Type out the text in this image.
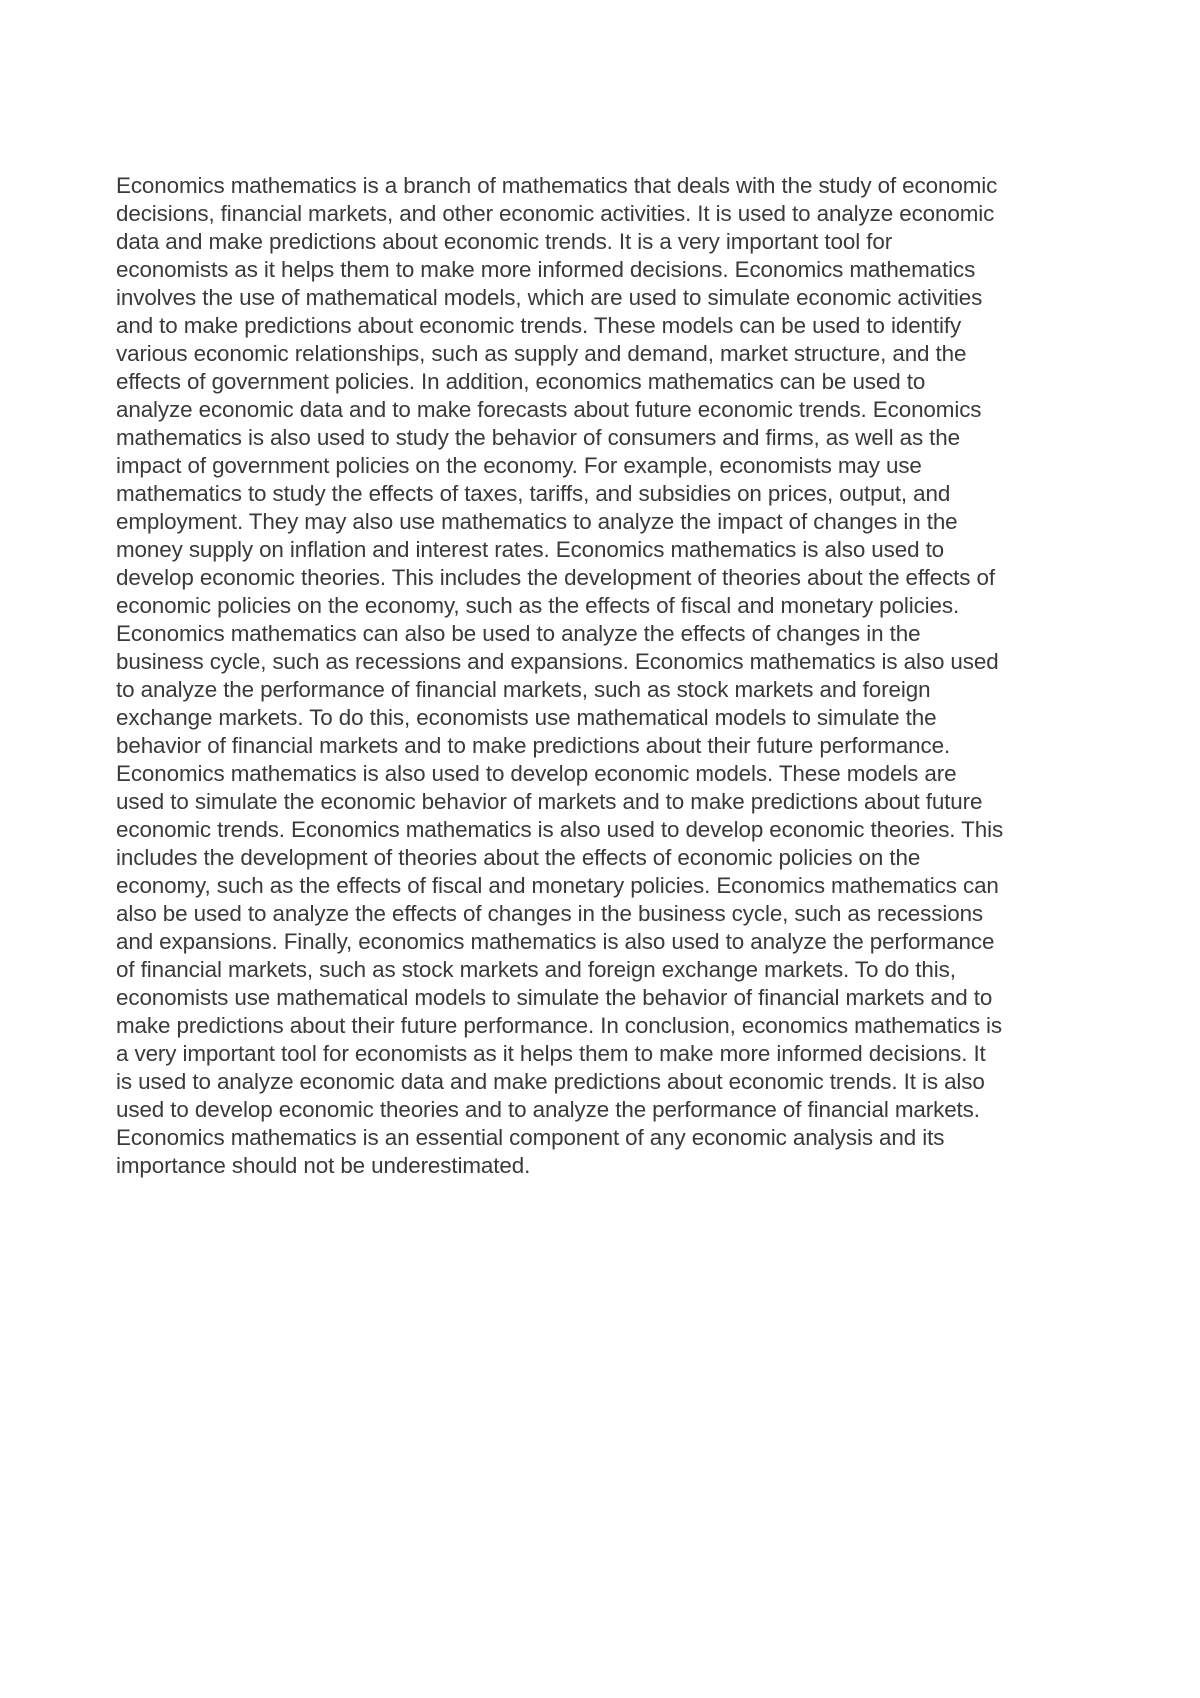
Economics mathematics is a branch of mathematics that deals with the study of economic
decisions, financial markets, and other economic activities. It is used to analyze economic
data and make predictions about economic trends. It is a very important tool for
economists as it helps them to make more informed decisions. Economics mathematics
involves the use of mathematical models, which are used to simulate economic activities
and to make predictions about economic trends. These models can be used to identify
various economic relationships, such as supply and demand, market structure, and the
effects of government policies. In addition, economics mathematics can be used to
analyze economic data and to make forecasts about future economic trends. Economics
mathematics is also used to study the behavior of consumers and firms, as well as the
impact of government policies on the economy. For example, economists may use
mathematics to study the effects of taxes, tariffs, and subsidies on prices, output, and
employment. They may also use mathematics to analyze the impact of changes in the
money supply on inflation and interest rates. Economics mathematics is also used to
develop economic theories. This includes the development of theories about the effects of
economic policies on the economy, such as the effects of fiscal and monetary policies.
Economics mathematics can also be used to analyze the effects of changes in the
business cycle, such as recessions and expansions. Economics mathematics is also used
to analyze the performance of financial markets, such as stock markets and foreign
exchange markets. To do this, economists use mathematical models to simulate the
behavior of financial markets and to make predictions about their future performance.
Economics mathematics is also used to develop economic models. These models are
used to simulate the economic behavior of markets and to make predictions about future
economic trends. Economics mathematics is also used to develop economic theories. This
includes the development of theories about the effects of economic policies on the
economy, such as the effects of fiscal and monetary policies. Economics mathematics can
also be used to analyze the effects of changes in the business cycle, such as recessions
and expansions. Finally, economics mathematics is also used to analyze the performance
of financial markets, such as stock markets and foreign exchange markets. To do this,
economists use mathematical models to simulate the behavior of financial markets and to
make predictions about their future performance. In conclusion, economics mathematics is
a very important tool for economists as it helps them to make more informed decisions. It
is used to analyze economic data and make predictions about economic trends. It is also
used to develop economic theories and to analyze the performance of financial markets.
Economics mathematics is an essential component of any economic analysis and its
importance should not be underestimated.
